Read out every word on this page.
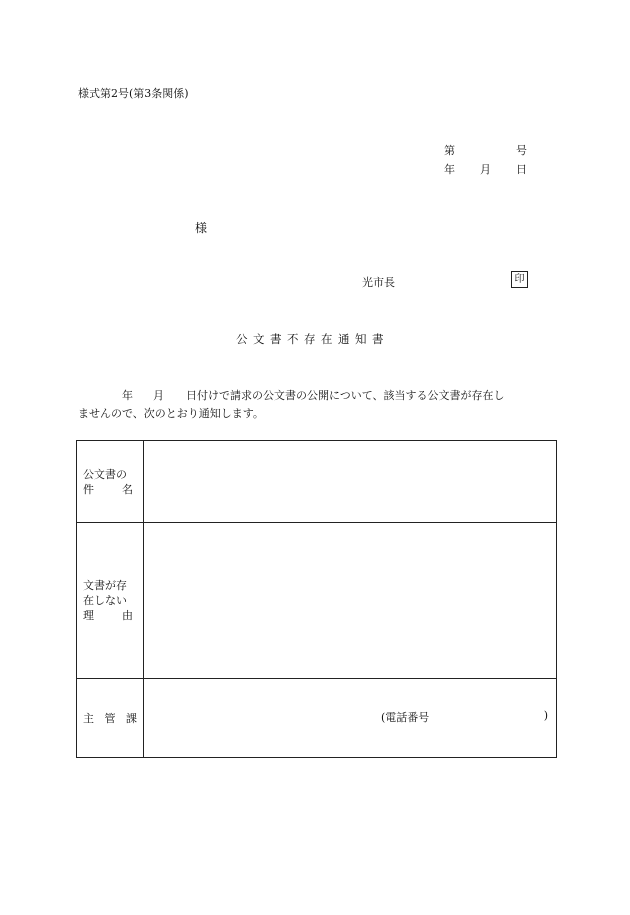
様式第2号(第3条関係)
第	号
年 月 日
様
光市長	印
公文書不存在通知書
年 月 日付けで請求の公文書の公開について、該当する公文書が存在し
ませんので、次のとおり通知します。
公文書の
件 名	

文書が存
在しない
理 由	

主 管 課	(電話番号 )
